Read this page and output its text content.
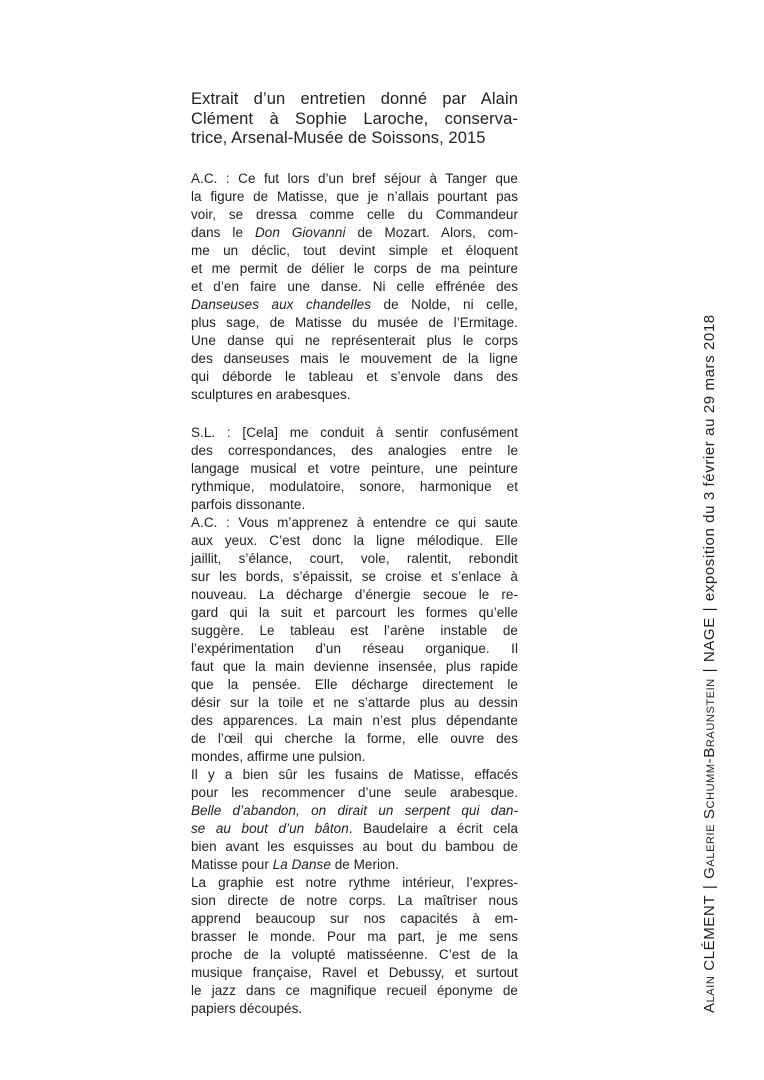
Extrait d’un entretien donné par Alain
Clément à Sophie Laroche, conserva-
trice, Arsenal-Musée de Soissons, 2015
A.C. : Ce fut lors d’un bref séjour à Tanger que
la figure de Matisse, que je n’allais pourtant pas
voir, se dressa comme celle du Commandeur
dans le Don Giovanni de Mozart. Alors, com-
me un déclic, tout devint simple et éloquent
et me permit de délier le corps de ma peinture
et d’en faire une danse. Ni celle effrénée des
Danseuses aux chandelles de Nolde, ni celle,
plus sage, de Matisse du musée de l’Ermitage.
Une danse qui ne représenterait plus le corps
des danseuses mais le mouvement de la ligne
qui déborde le tableau et s’envole dans des
sculptures en arabesques.
S.L. : [Cela] me conduit à sentir confusément
des correspondances, des analogies entre le
langage musical et votre peinture, une peinture
rythmique, modulatoire, sonore, harmonique et
parfois dissonante.
A.C. : Vous m’apprenez à entendre ce qui saute
aux yeux. C’est donc la ligne mélodique. Elle
jaillit, s’élance, court, vole, ralentit, rebondit
sur les bords, s’épaissit, se croise et s’enlace à
nouveau. La décharge d’énergie secoue le re-
gard qui la suit et parcourt les formes qu’elle
suggère. Le tableau est l’arène instable de
l’expérimentation d’un réseau organique. Il
faut que la main devienne insensée, plus rapide
que la pensée. Elle décharge directement le
désir sur la toile et ne s’attarde plus au dessin
des apparences. La main n’est plus dépendante
de l’œil qui cherche la forme, elle ouvre des
mondes, affirme une pulsion.
Il y a bien sûr les fusains de Matisse, effacés
pour les recommencer d’une seule arabesque.
Belle d’abandon, on dirait un serpent qui dan-
se au bout d’un bâton. Baudelaire a écrit cela
bien avant les esquisses au bout du bambou de
Matisse pour La Danse de Merion.
La graphie est notre rythme intérieur, l’expres-
sion directe de notre corps. La maîtriser nous
apprend beaucoup sur nos capacités à em-
brasser le monde. Pour ma part, je me sens
proche de la volupté matisséenne. C’est de la
musique française, Ravel et Debussy, et surtout
le jazz dans ce magnifique recueil éponyme de
papiers découpés.	Alain CLÉMENT | Galerie Schumm-Braunstein | NAGE | exposition du 3 février au 29 mars 2018
